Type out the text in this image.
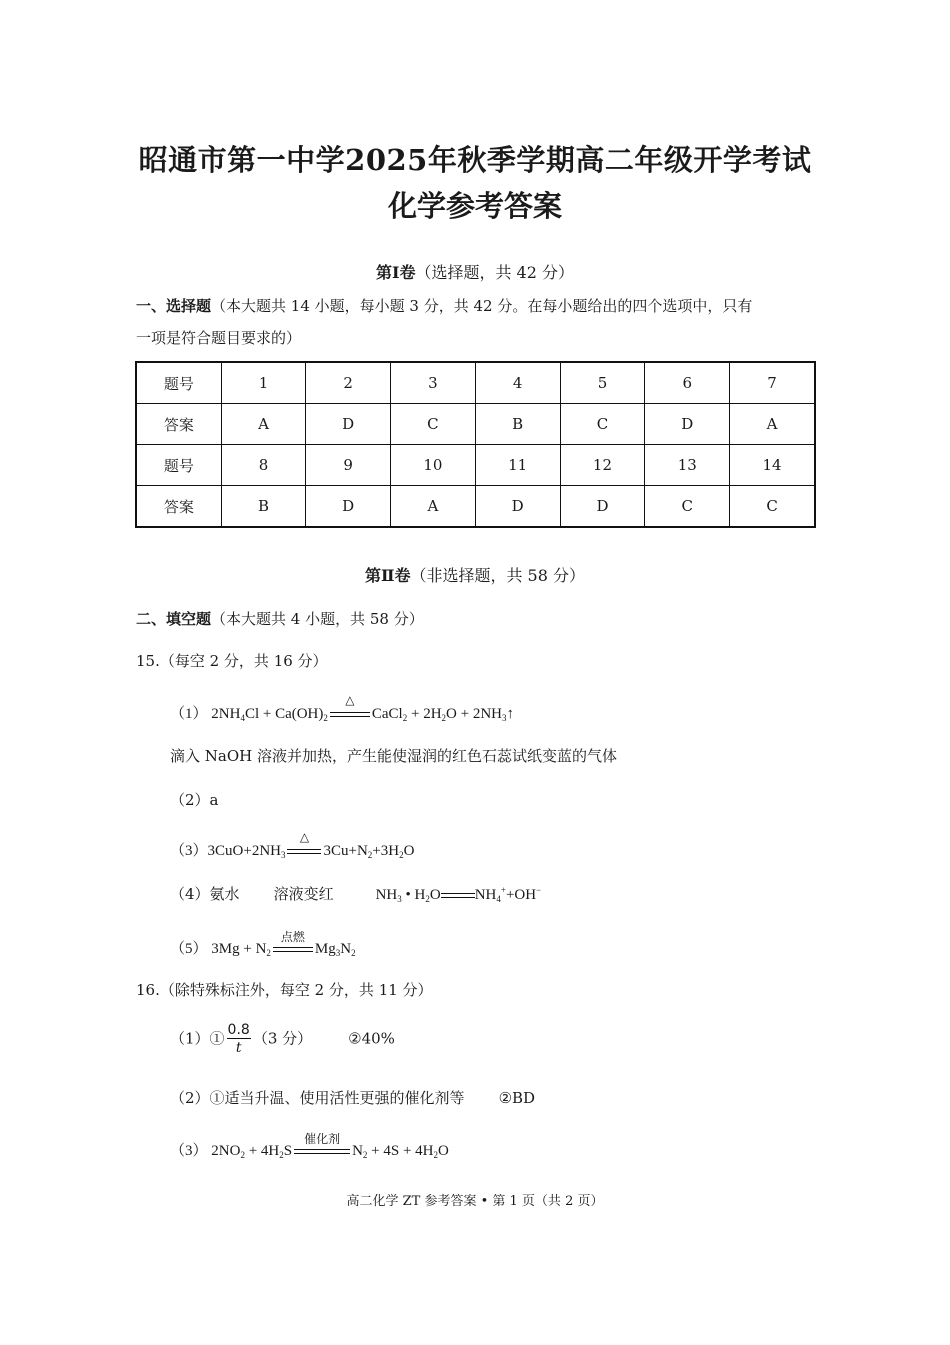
昭通市第一中学2025年秋季学期高二年级开学考试
化学参考答案
第Ⅰ卷（选择题，共 42 分）
一、选择题（本大题共 14 小题，每小题 3 分，共 42 分。在每小题给出的四个选项中，只有
一项是符合题目要求的）
题号	1	2	3	4	5	6	7
答案	A	D	C	B	C	D	A
题号	8	9	10	11	12	13	14
答案	B	D	A	D	D	C	C
第Ⅱ卷（非选择题，共 58 分）
二、填空题（本大题共 4 小题，共 58 分）
15.（每空 2 分，共 16 分）
（1） $2NH_4Cl + Ca(OH)_2$
△
CaCl$_2$ + $2H_2O$ + $2NH_3↑$
滴入 NaOH 溶液并加热，产生能使湿润的红色石蕊试纸变蓝的气体
（2）a
$(3)3CuO+2NH_3$
△
$3Cu+N_2+3H_2O$
（4）氨水 溶液变红	$NH_3$ • $H_2O$ $NH_4^++OH^-$
（5） $3Mg + N_2$
点燃
$Mg_3N_2$
16.（除特殊标注外，每空 2 分，共 11 分）
（1）① $\frac{0.8}{t} (3$ 分） ②40%
（2）①适当升温、使用活性更强的催化剂等 ②BD
（3） $2NO_2 + 4H_2S$
催化剂
$N_2 + 4S + 4H_2O$
高二化学 ZT 参考答案 • 第 1 页（共 2 页）
